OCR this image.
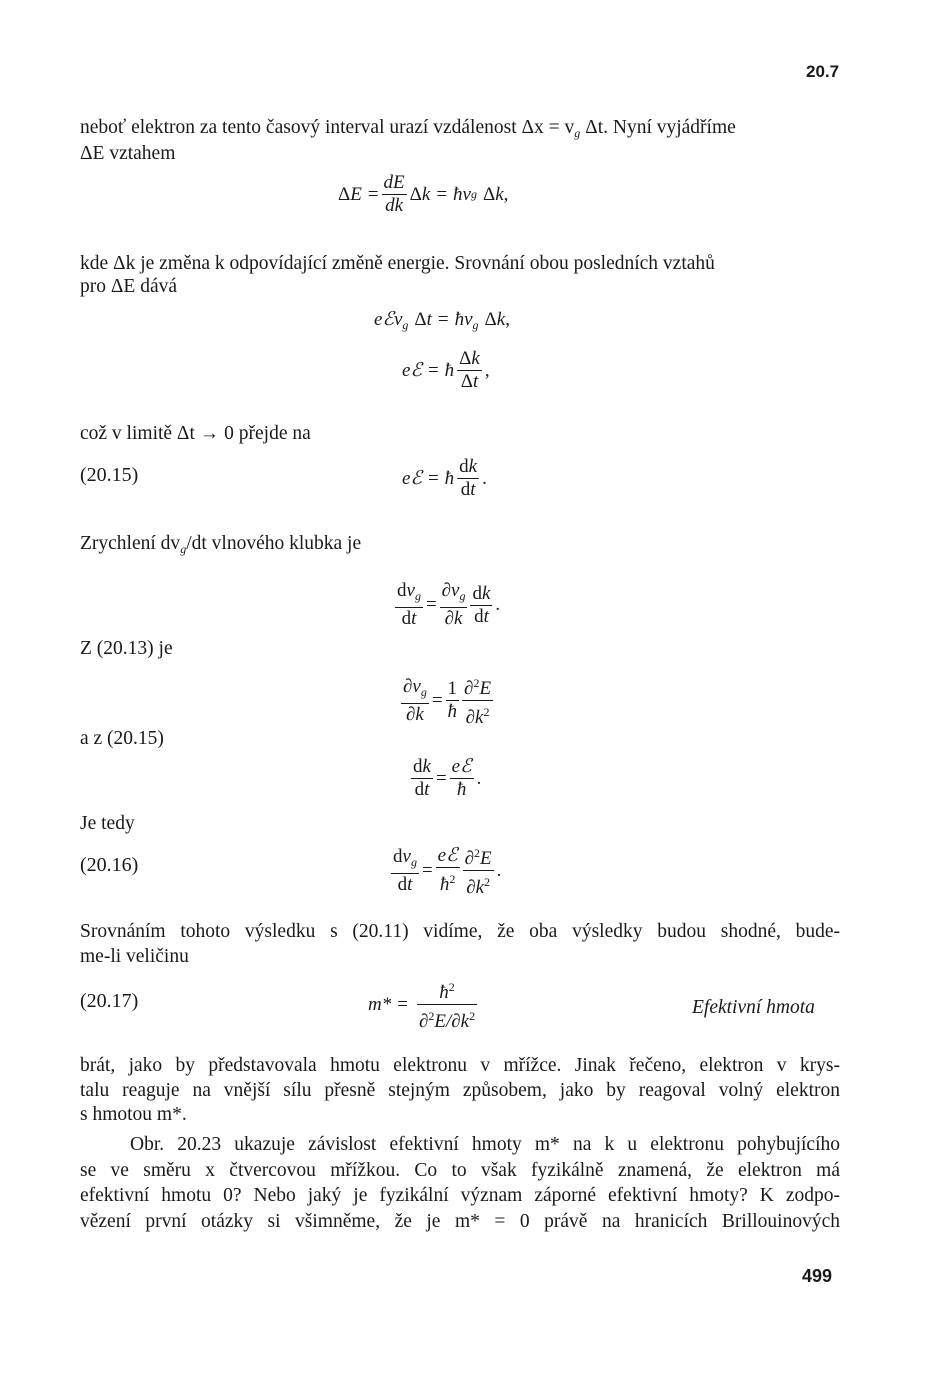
20.7
neboť elektron za tento časový interval urazí vzdálenost $\Delta x = v_g$ Δt. Nyní vyjádříme
ΔE vztahem
Δ $E = \frac{dE}{dk}$ Δ k = ħv g Δ k ,
kde Δk je změna k odpovídající změně energie. Srovnání obou posledních vztahů
pro ΔE dává
eℰv$_g$ $\Delta t = ħv_g$ Δk,
e ℰ = ħ $\frac{\Delta k}{\Delta t}$ ,
což v limitě Δt → 0 přejde na
(20.15)	e ℰ = ħ $\frac{dk}{dt}$ .
Zrychlení $dv_g/dt$ vlnového klubka je
$\frac{dv_g}{dt} = \frac{\partial v_g}{\partial k} \frac{dk}{dt}$ .
Z (20.13) je
$\frac{\partial v_g}{\partial k} = \frac{1}{ħ} \frac{\partial^2E}{\partial k^2}$
a z (20.15)
$\frac{dk}{dt} = \frac{\text{eℰ}}{ħ}$ .
Je tedy
(20.16)	$\frac{dv_g}{dt} = \frac{\text{eℰ}}{ħ^2} \frac{\partial^2E}{\partial k^2}$ .
Srovnáním tohoto výsledku s (20.11) vidíme, že oba výsledky budou shodné, bude-
me-li veličinu
(20.17)	$m* = \frac{ħ^2}{\partial^2E/\partial k^2}$	Efektivní hmota
brát, jako by představovala hmotu elektronu v mřížce. Jinak řečeno, elektron v krys-
talu reaguje na vnější sílu přesně stejným způsobem, jako by reagoval volný elektron
s hmotou m*.
Obr. 20.23 ukazuje závislost efektivní hmoty m* na k u elektronu pohybujícího
se ve směru x čtvercovou mřížkou. Co to však fyzikálně znamená, že elektron má
efektivní hmotu 0? Nebo jaký je fyzikální význam záporné efektivní hmoty? K zodpo-
vězení první otázky si všimněme, že je m* = 0 právě na hranicích Brillouinových
499
